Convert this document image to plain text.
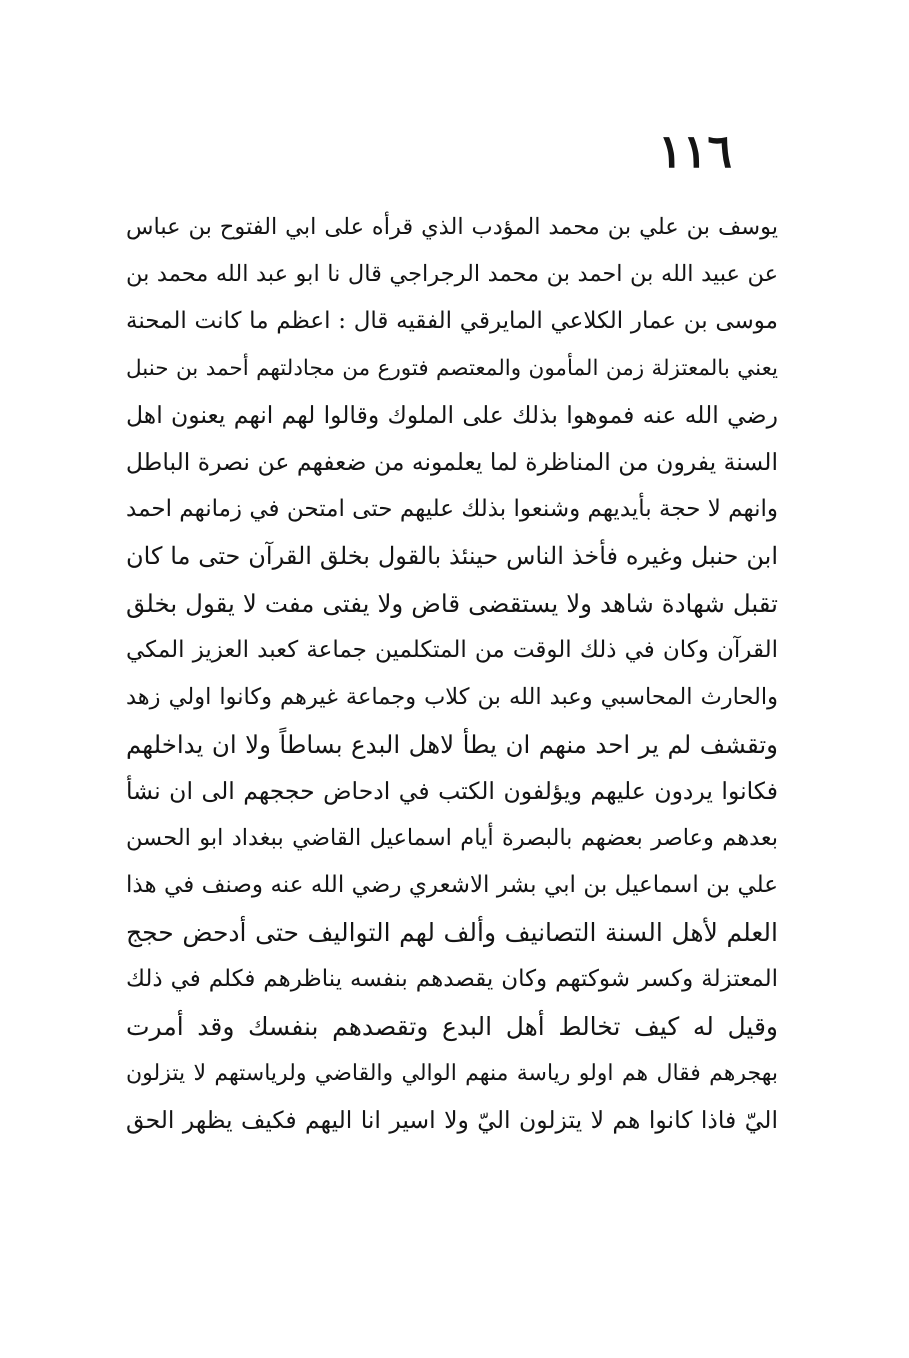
١١٦
يوسف بن علي بن محمد المؤدب الذي قرأه على ابي الفتوح بن عباس
عن عبيد الله بن احمد بن محمد الرجراجي قال نا ابو عبد الله محمد بن
موسى بن عمار الكلاعي المايرقي الفقيه قال : اعظم ما كانت المحنة
يعني بالمعتزلة زمن المأمون والمعتصم فتورع من مجادلتهم أحمد بن حنبل
رضي الله عنه فموهوا بذلك على الملوك وقالوا لهم انهم يعنون اهل
السنة يفرون من المناظرة لما يعلمونه من ضعفهم عن نصرة الباطل
وانهم لا حجة بأيديهم وشنعوا بذلك عليهم حتى امتحن في زمانهم احمد
ابن حنبل وغيره فأخذ الناس حينئذ بالقول بخلق القرآن حتى ما كان
تقبل شهادة شاهد ولا يستقضى قاض ولا يفتى مفت لا يقول بخلق
القرآن وكان في ذلك الوقت من المتكلمين جماعة كعبد العزيز المكي
والحارث المحاسبي وعبد الله بن كلاب وجماعة غيرهم وكانوا اولي زهد
وتقشف لم ير احد منهم ان يطأ لاهل البدع بساطاً ولا ان يداخلهم
فكانوا يردون عليهم ويؤلفون الكتب في ادحاض حججهم الى ان نشأ
بعدهم وعاصر بعضهم بالبصرة أيام اسماعيل القاضي ببغداد ابو الحسن
علي بن اسماعيل بن ابي بشر الاشعري رضي الله عنه وصنف في هذا
العلم لأهل السنة التصانيف وألف لهم التواليف حتى أدحض حجج
المعتزلة وكسر شوكتهم وكان يقصدهم بنفسه يناظرهم فكلم في ذلك
وقيل له كيف تخالط أهل البدع وتقصدهم بنفسك وقد أمرت
بهجرهم فقال هم اولو رياسة منهم الوالي والقاضي ولرياستهم لا يتزلون
اليّ فاذا كانوا هم لا يتزلون اليّ ولا اسير انا اليهم فكيف يظهر الحق
